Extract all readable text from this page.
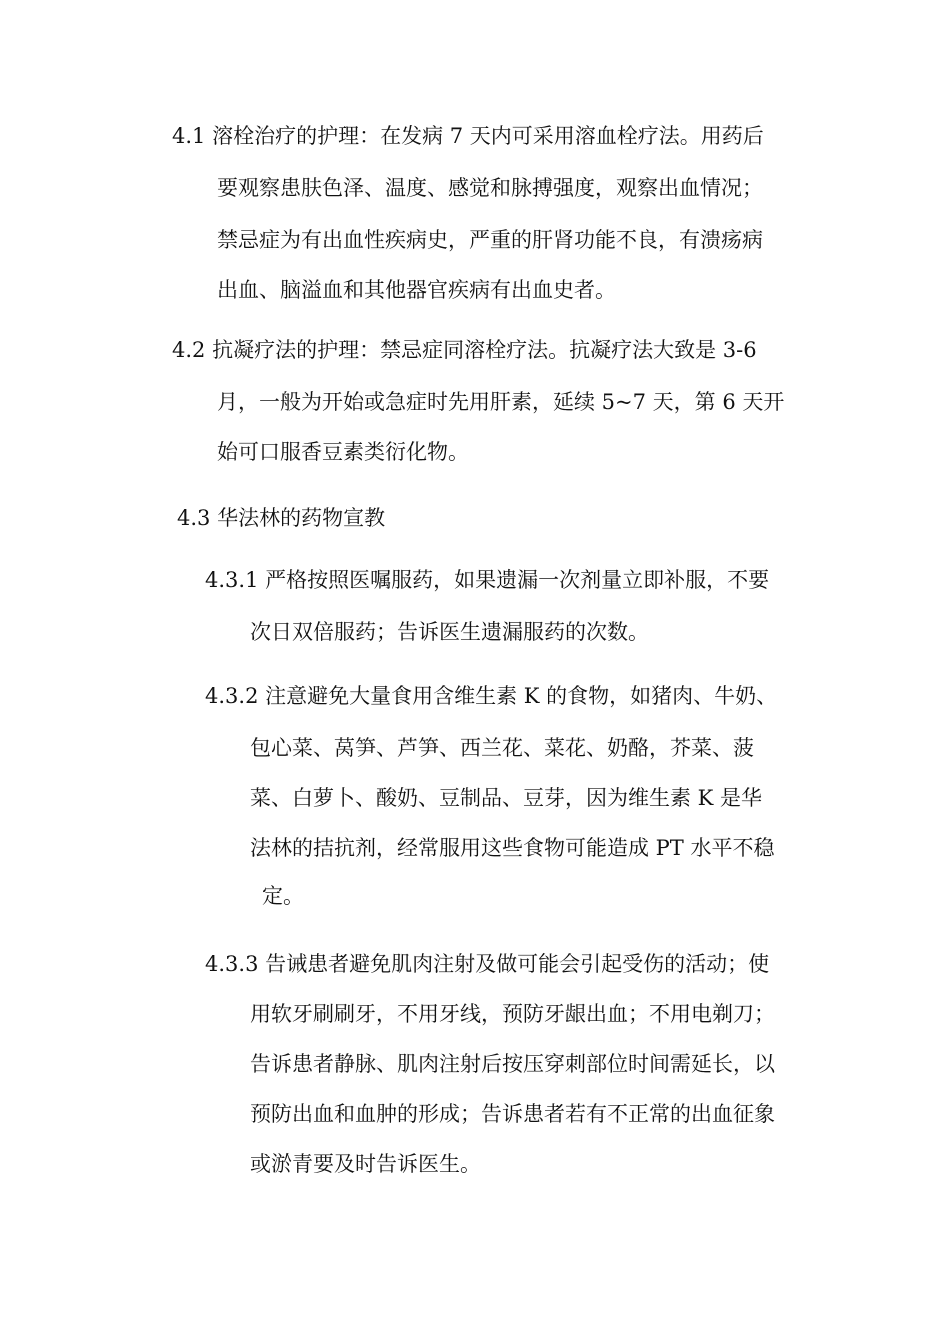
4.1 溶栓治疗的护理：在发病 7 天内可采用溶血栓疗法。用药后
要观察患肤色泽、温度、感觉和脉搏强度，观察出血情况；
禁忌症为有出血性疾病史，严重的肝肾功能不良，有溃疡病
出血、脑溢血和其他器官疾病有出血史者。
4.2 抗凝疗法的护理：禁忌症同溶栓疗法。抗凝疗法大致是 3-6
月，一般为开始或急症时先用肝素，延续 5~7 天，第 6 天开
始可口服香豆素类衍化物。
4.3 华法林的药物宣教
4.3.1 严格按照医嘱服药，如果遗漏一次剂量立即补服，不要
次日双倍服药；告诉医生遗漏服药的次数。
4.3.2 注意避免大量食用含维生素 K 的食物，如猪肉、牛奶、
包心菜、莴笋、芦笋、西兰花、菜花、奶酪，芥菜、菠
菜、白萝卜、酸奶、豆制品、豆芽，因为维生素 K 是华
法林的拮抗剂，经常服用这些食物可能造成 PT 水平不稳
定。
4.3.3 告诫患者避免肌肉注射及做可能会引起受伤的活动；使
用软牙刷刷牙，不用牙线，预防牙龈出血；不用电剃刀；
告诉患者静脉、肌肉注射后按压穿刺部位时间需延长，以
预防出血和血肿的形成；告诉患者若有不正常的出血征象
或淤青要及时告诉医生。
